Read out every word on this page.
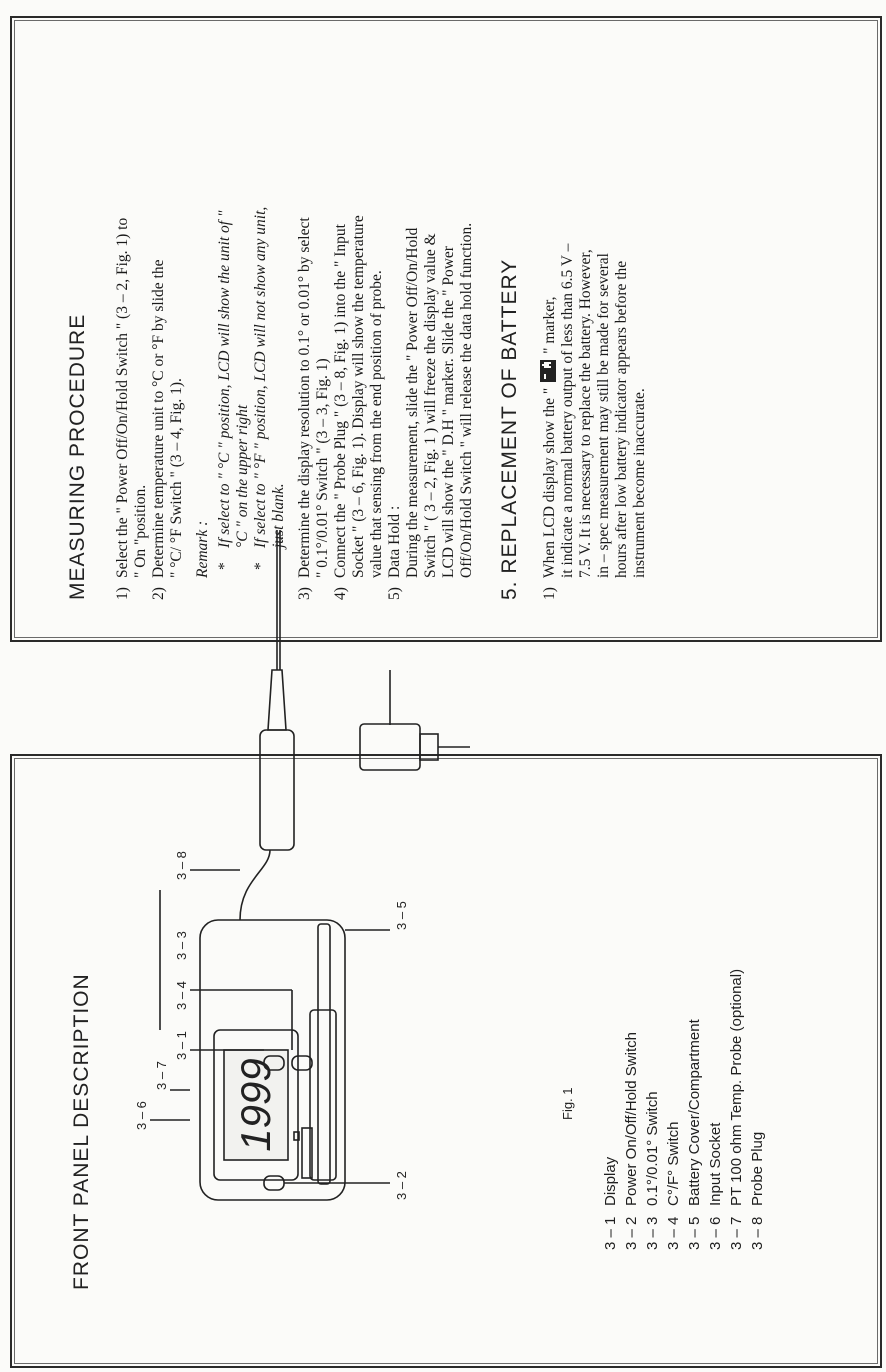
MEASURING PROCEDURE 1)Select the " Power Off/On/Hold Switch " (3 – 2, Fig. 1) to " On "position.
2)Determine temperature unit to °C or °F by slide the " °C/ °F Switch " (3 – 4, Fig. 1). Remark : *If select to " °C " position, LCD will show the unit of " °C " on the upper right
*If select to " °F " position, LCD will not show any unit, just blank.
3)Determine the display resolution to 0.1° or 0.01° by select " 0.1°/0.01° Switch " (3 – 3, Fig. 1)
4)Connect the " Probe Plug " (3 – 8, Fig. 1) into the " Input Socket " (3 – 6, Fig. 1). Display will show the temperature value that sensing from the end position of probe.
5)Data Hold : During the measurement, slide the " Power Off/On/Hold Switch " ( 3 – 2, Fig. 1 ) will freeze the display value & LCD will show the " D.H " marker. Slide the " Power Off/On/Hold Switch " will release the data hold function. 5. REPLACEMENT OF BATTERY 1)When LCD display show the "" marker, it indicate a normal battery output of less than 6.5 V – 7.5 V. It is necessary to replace the battery. However, in – spec measurement may still be made for several hours after low battery indicator appears before the instrument become inaccurate.
FRONT PANEL DESCRIPTION	1999
3 – 6
3 – 7
3 – 1
3 – 4
3 – 3
3 – 8
3 – 5
3 – 2
Fig. 1
3 – 1Display
3 – 2Power On/Off/Hold Switch
3 – 30.1°/0.01° Switch
3 – 4C°/F° Switch
3 – 5Battery Cover/Compartment
3 – 6Input Socket
3 – 7PT 100 ohm Temp. Probe (optional)
3 – 8Probe Plug
